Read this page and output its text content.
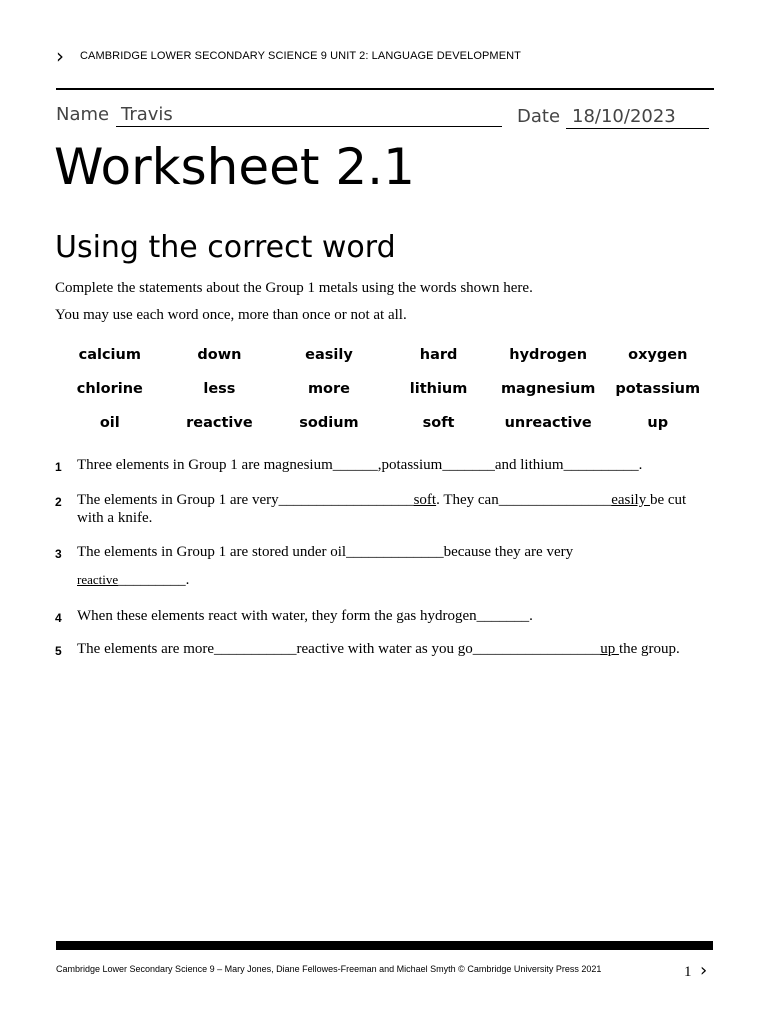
› CAMBRIDGE LOWER SECONDARY SCIENCE 9 UNIT 2: LANGUAGE DEVELOPMENT
Name Travis	Date 18/10/2023
Worksheet 2.1
Using the correct word
Complete the statements about the Group 1 metals using the words shown here.
You may use each word once, more than once or not at all.
calcium	down	easily	hard	hydrogen	oxygen
chlorine	less	more	lithium	magnesium	potassium
oil	reactive	sodium	soft	unreactive	up
1 Three elements in Group 1 are magnesium______,potassium_______and lithium__________.
2 The elements in Group 1 are very__________________soft. They can_______________easily be cut with a knife.
3 The elements in Group 1 are stored under oil_____________because they are very
reactive_________.
4 When these elements react with water, they form the gas hydrogen_______.
5 The elements are more___________reactive with water as you go_________________up the group.
Cambridge Lower Secondary Science 9 – Mary Jones, Diane Fellowes-Freeman and Michael Smyth © Cambridge University Press 2021	1 ›
